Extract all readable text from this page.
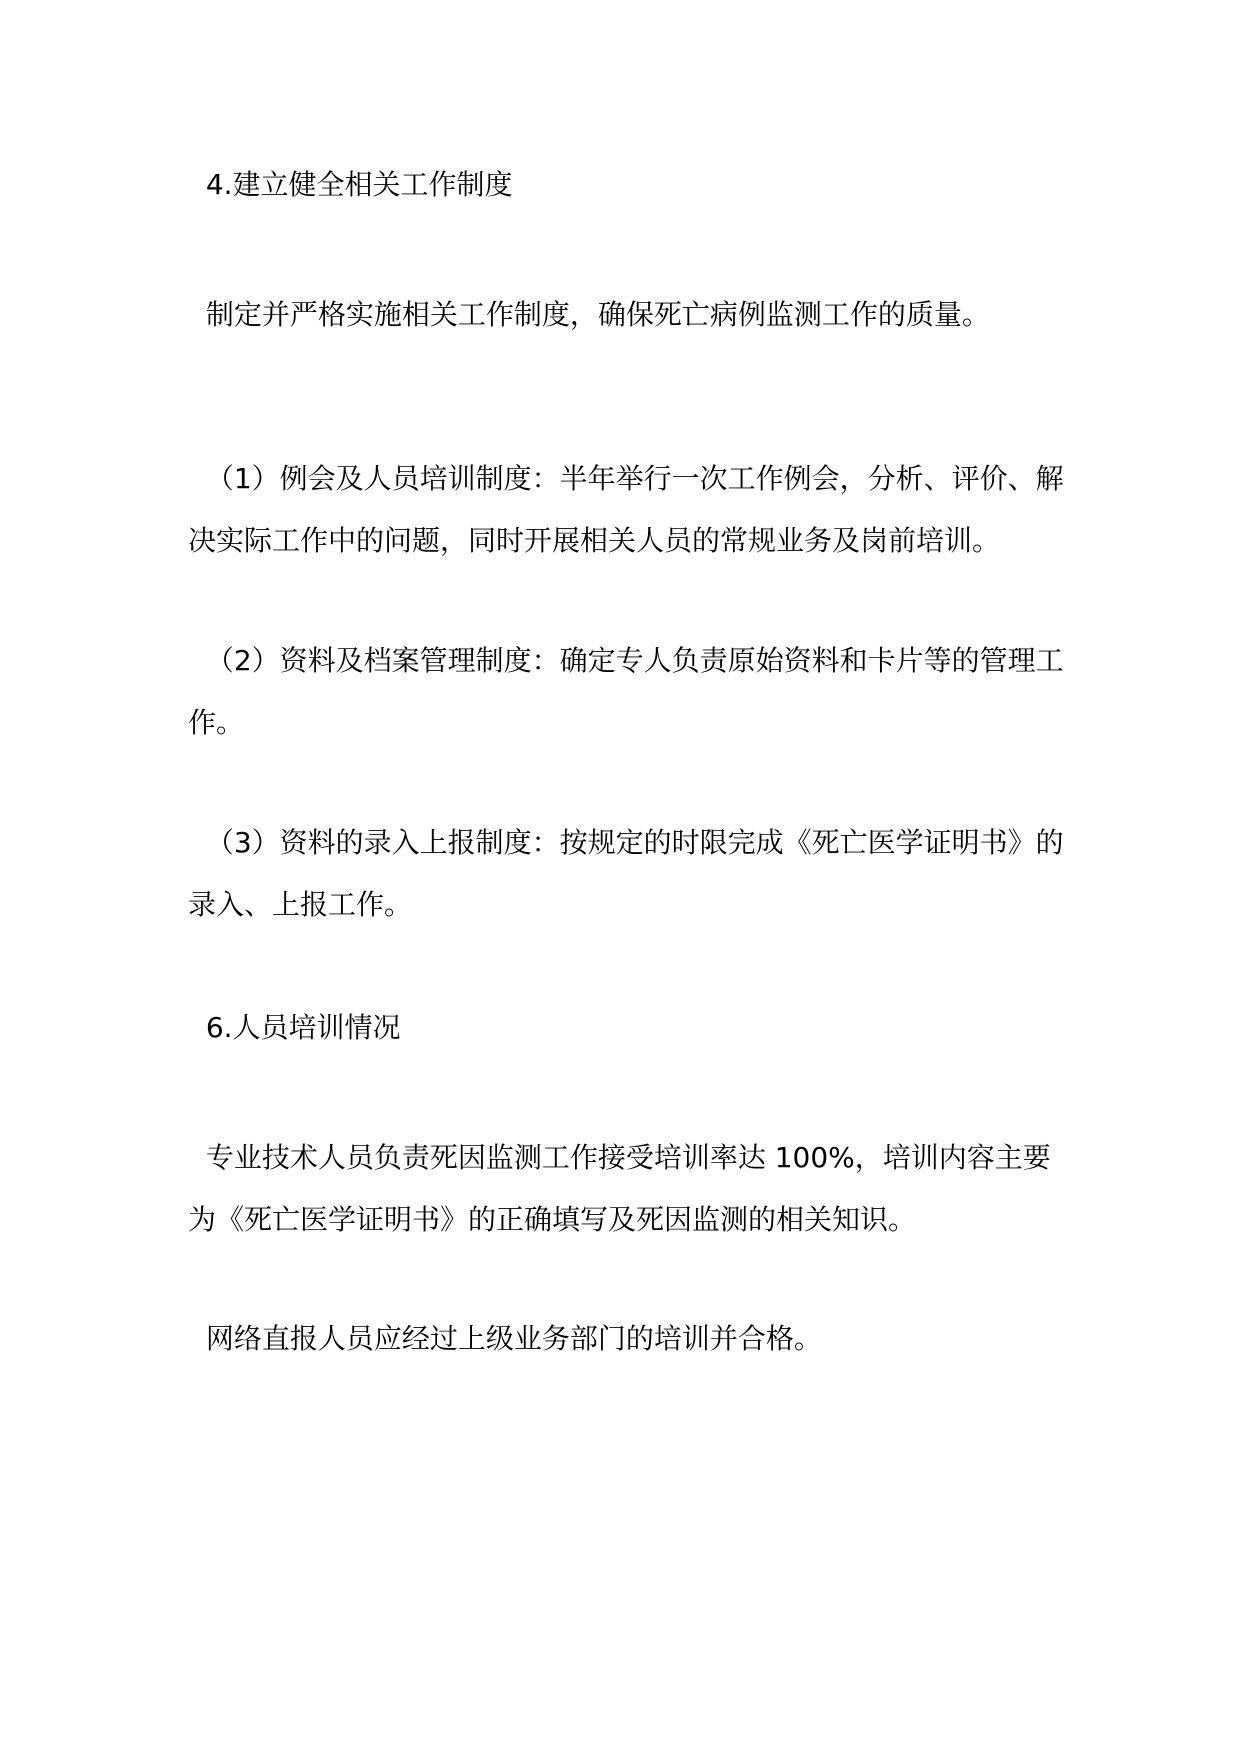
4.建立健全相关工作制度

制定并严格实施相关工作制度，确保死亡病例监测工作的质量。

（1）例会及人员培训制度：半年举行一次工作例会，分析、评价、解决实际工作中的问题，同时开展相关人员的常规业务及岗前培训。

（2）资料及档案管理制度：确定专人负责原始资料和卡片等的管理工作。

（3）资料的录入上报制度：按规定的时限完成《死亡医学证明书》的录入、上报工作。

6.人员培训情况

专业技术人员负责死因监测工作接受培训率达 100%，培训内容主要为《死亡医学证明书》的正确填写及死因监测的相关知识。

网络直报人员应经过上级业务部门的培训并合格。
